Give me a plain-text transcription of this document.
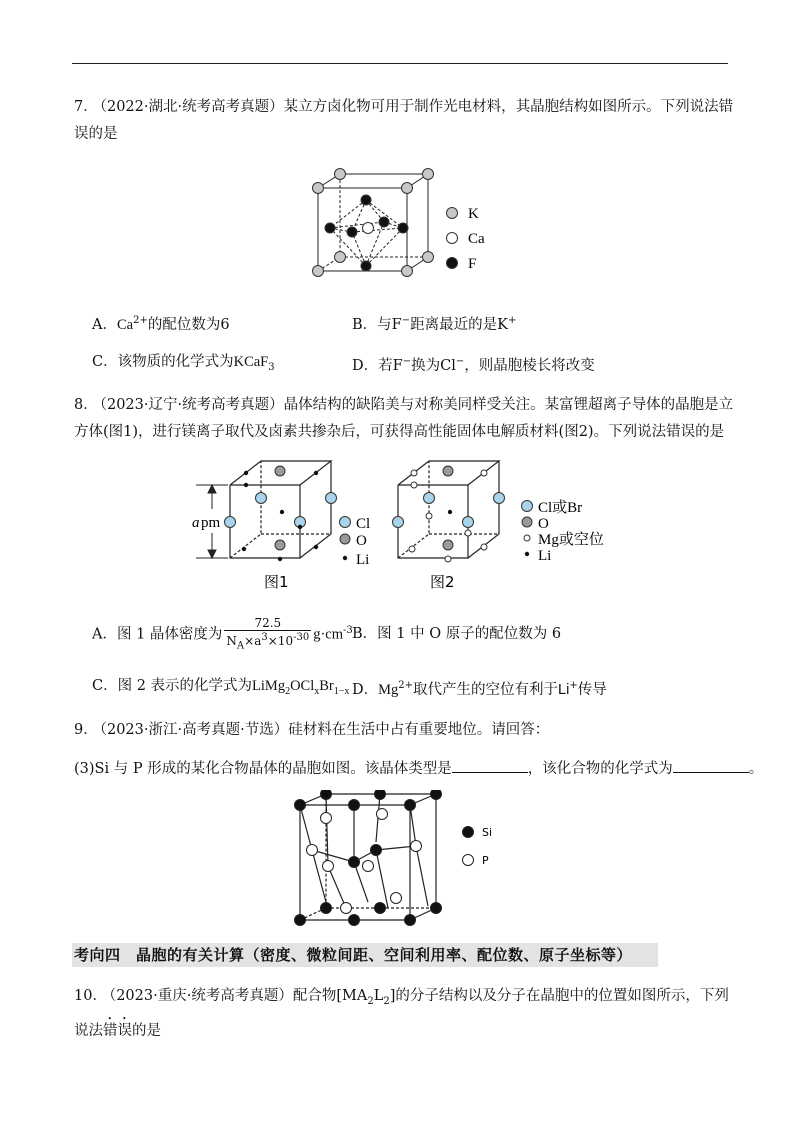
7． （2022·湖北·统考高考真题）某立方卤化物可用于制作光电材料，其晶胞结构如图所示。下列说法错误的是
K
Ca
F
A．$Ca^{2+}$的配位数为6	B．与F−距离最近的是K+
C．该物质的化学式为KCaF$_3$	D．若F−换为Cl−，则晶胞棱长将改变
8． （2023·辽宁·统考高考真题）晶体结构的缺陷美与对称美同样受关注。某富锂超离子导体的晶胞是立方体(图1)，进行镁离子取代及卤素共掺杂后，可获得高性能固体电解质材料(图2)。下列说法错误的是
a pm	Cl
O
Li
图1
Cl或Br
O
Mg或空位
Li
图2
A．图 1 晶体密度为 $\frac{72.5}{N_A\times a^3\times 10^{-30}} g\cdot cm^{-3}$ B．图 1 中 O 原子的配位数为 6
C．图 2 表示的化学式为$LiMg_2OCl_xBr_{1-x}$ D．$Mg^{2+}$取代产生的空位有利于Li+传导
9． （2023·浙江·高考真题·节选）硅材料在生活中占有重要地位。请回答：
(3)Si 与 P 形成的某化合物晶体的晶胞如图。该晶体类型是	，该化合物的化学式为	。
Si
P
考向四　晶胞的有关计算（密度、微粒间距、空间利用率、配位数、原子坐标等）
10． （2023·重庆·统考高考真题）配合物$[MA_2L_2]$的分子结构以及分子在晶胞中的位置如图所示，下列说法错误的是
